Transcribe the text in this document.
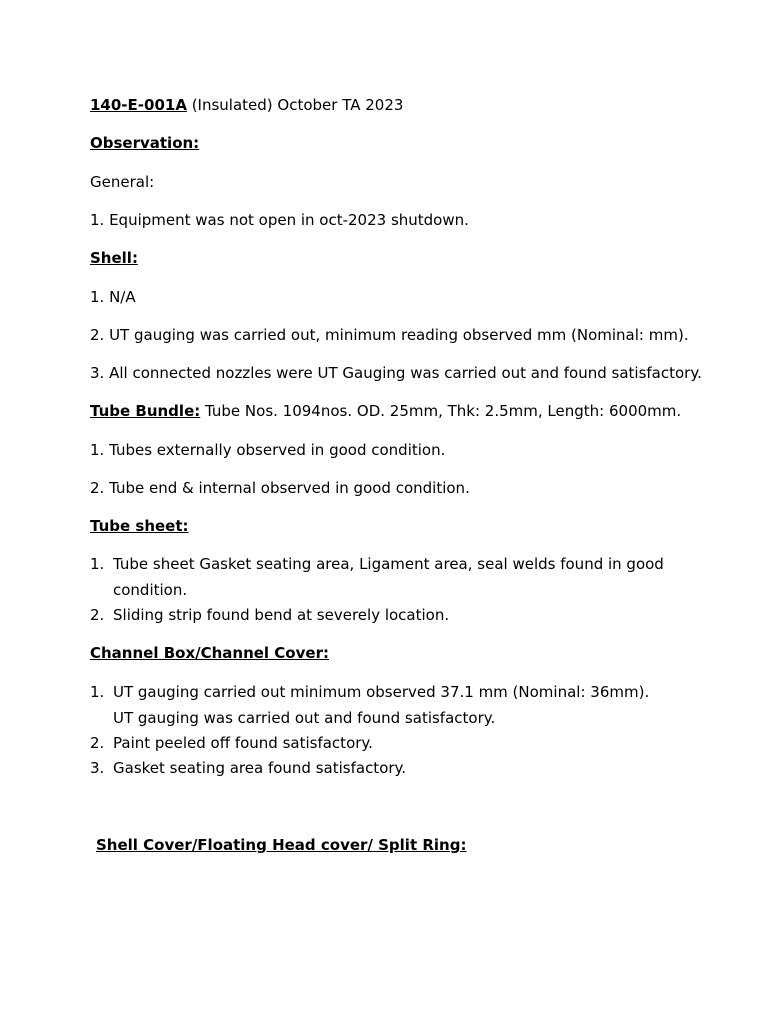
140-E-001A (Insulated) October TA 2023
Observation:
General:
1. Equipment was not open in oct-2023 shutdown.
Shell:
1. N/A
2. UT gauging was carried out, minimum reading observed mm (Nominal: mm).
3. All connected nozzles were UT Gauging was carried out and found satisfactory.
Tube Bundle: Tube Nos. 1094nos. OD. 25mm, Thk: 2.5mm, Length: 6000mm.
1. Tubes externally observed in good condition.
2. Tube end & internal observed in good condition.
Tube sheet:
1. Tube sheet Gasket seating area, Ligament area, seal welds found in good
condition.
2. Sliding strip found bend at severely location.
Channel Box/Channel Cover:
1. UT gauging carried out minimum observed 37.1 mm (Nominal: 36mm).
UT gauging was carried out and found satisfactory.
2. Paint peeled off found satisfactory.
3. Gasket seating area found satisfactory.
Shell Cover/Floating Head cover/ Split Ring:
